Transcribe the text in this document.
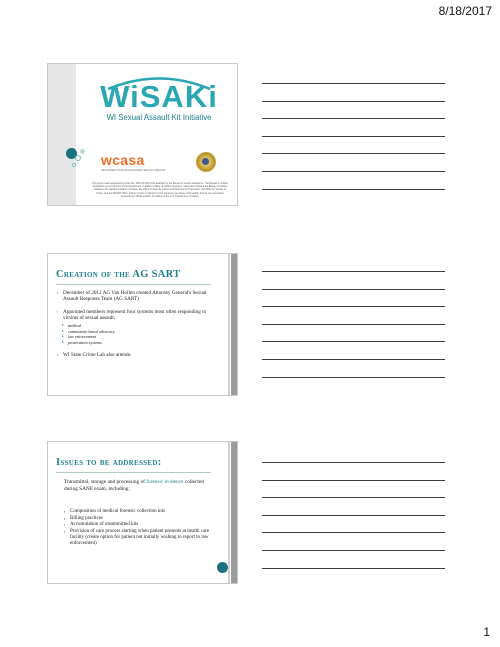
8/18/2017
WiSAKi
WI Sexual Assault Kit Initiative
wcasa
WISCONSIN COALITION AGAINST SEXUAL ASSAULT
This project was supported by Grant No. 2015-AK-BX-K011 awarded by the Bureau of Justice Assistance. The Bureau of Justice Assistance is a component of the Department of Justice's Office of Justice Programs, which also includes the Bureau of Justice Statistics, the National Institute of Justice, the Office of Juvenile Justice and Delinquency Prevention, the Office for Victims of Crime, and the SMART Office. Points of view or opinions in this document are those of the author and do not necessarily represent the official position or policies of the U.S. Department of Justice.
Creation of the AG SART
▪ December of 2012 AG Van Hollen created Attorney General's Sexual Assault Response Team (AG SART)
▪ Appointed members represent four systems most often responding to victims of sexual assault:
▸ medical
▸ community-based advocacy
▸ law enforcement
▸ prosecution systems
▪ WI State Crime Lab also attends
Issues to be addressed:
Transmittal, storage and processing of forensic evidence collected during SANE exam, including:
▪ Composition of medical forensic collection kits
▪ Billing practices
▪ Accumulation of unsubmitted kits
▪ Provision of care process starting when patient presents at health care facility (create option for patient not initially wishing to report to law enforcement)
1
